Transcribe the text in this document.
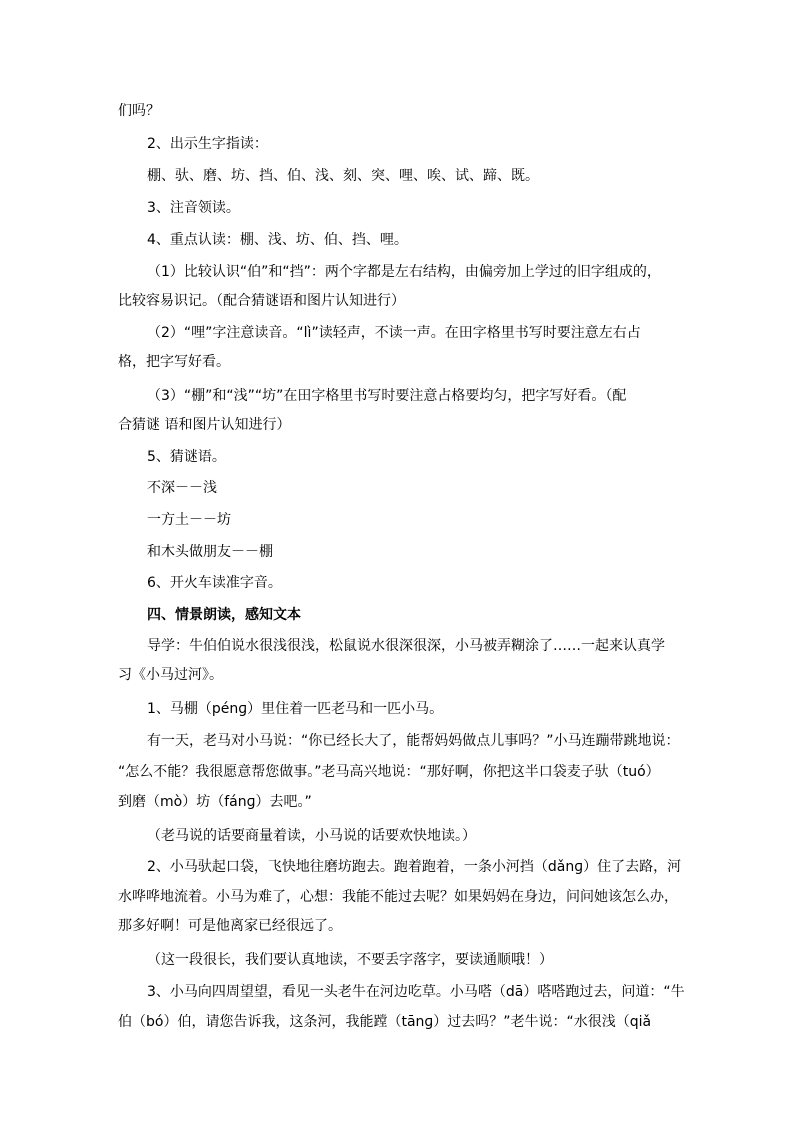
们吗？
2、出示生字指读：
棚、驮、磨、坊、挡、伯、浅、刻、突、哩、唉、试、蹄、既。
3、注音领读。
4、重点认读：棚、浅、坊、伯、挡、哩。
（1）比较认识“伯”和“挡”：两个字都是左右结构，由偏旁加上学过的旧字组成的，
比较容易识记。（配合猜谜语和图片认知进行）
（2）“哩”字注意读音。“lì”读轻声，不读一声。在田字格里书写时要注意左右占
格，把字写好看。
（3）“棚”和“浅”“坊”在田字格里书写时要注意占格要均匀，把字写好看。（配
合猜谜 语和图片认知进行）
5、猜谜语。
不深－－浅
一方土－－坊
和木头做朋友－－棚
6、开火车读准字音。
四、情景朗读，感知文本
导学：牛伯伯说水很浅很浅，松鼠说水很深很深，小马被弄糊涂了……一起来认真学
习《小马过河》。
1、马棚（pénɡ）里住着一匹老马和一匹小马。
有一天，老马对小马说：“你已经长大了，能帮妈妈做点儿事吗？”小马连蹦带跳地说：
“怎么不能？我很愿意帮您做事。”老马高兴地说：“那好啊，你把这半口袋麦子驮（tuó）
到磨（mò）坊（fánɡ）去吧。”
（老马说的话要商量着读，小马说的话要欢快地读。）
2、小马驮起口袋，飞快地往磨坊跑去。跑着跑着，一条小河挡（dǎnɡ）住了去路，河
水哗哗地流着。小马为难了，心想：我能不能过去呢？如果妈妈在身边，问问她该怎么办，
那多好啊！可是他离家已经很远了。
（这一段很长，我们要认真地读，不要丢字落字，要读通顺哦！）
3、小马向四周望望，看见一头老牛在河边吃草。小马嗒（dā）嗒嗒跑过去，问道：“牛
伯（bó）伯，请您告诉我，这条河，我能蹚（tānɡ）过去吗？”老牛说：“水很浅（qiǎ
